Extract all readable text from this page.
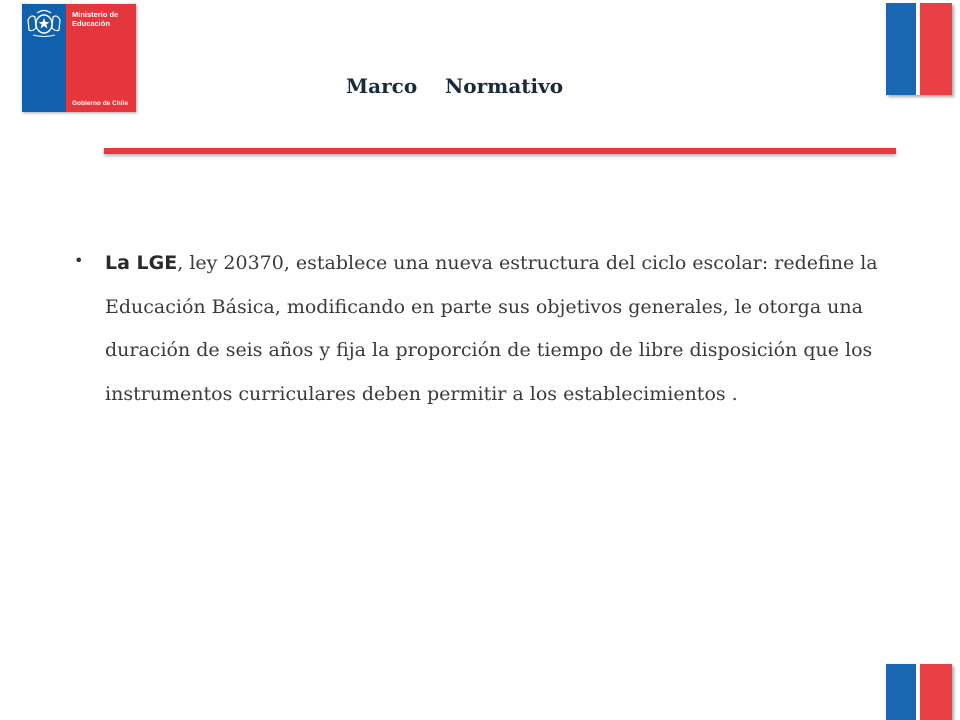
Ministerio de
Educación
Gobierno de Chile
Marco    Normativo
• La LGE, ley 20370, establece una nueva estructura del ciclo escolar: redefine la Educación Básica, modificando en parte sus objetivos generales, le otorga una duración de seis años y fija la proporción de tiempo de libre disposición que los instrumentos curriculares deben permitir a los establecimientos .
